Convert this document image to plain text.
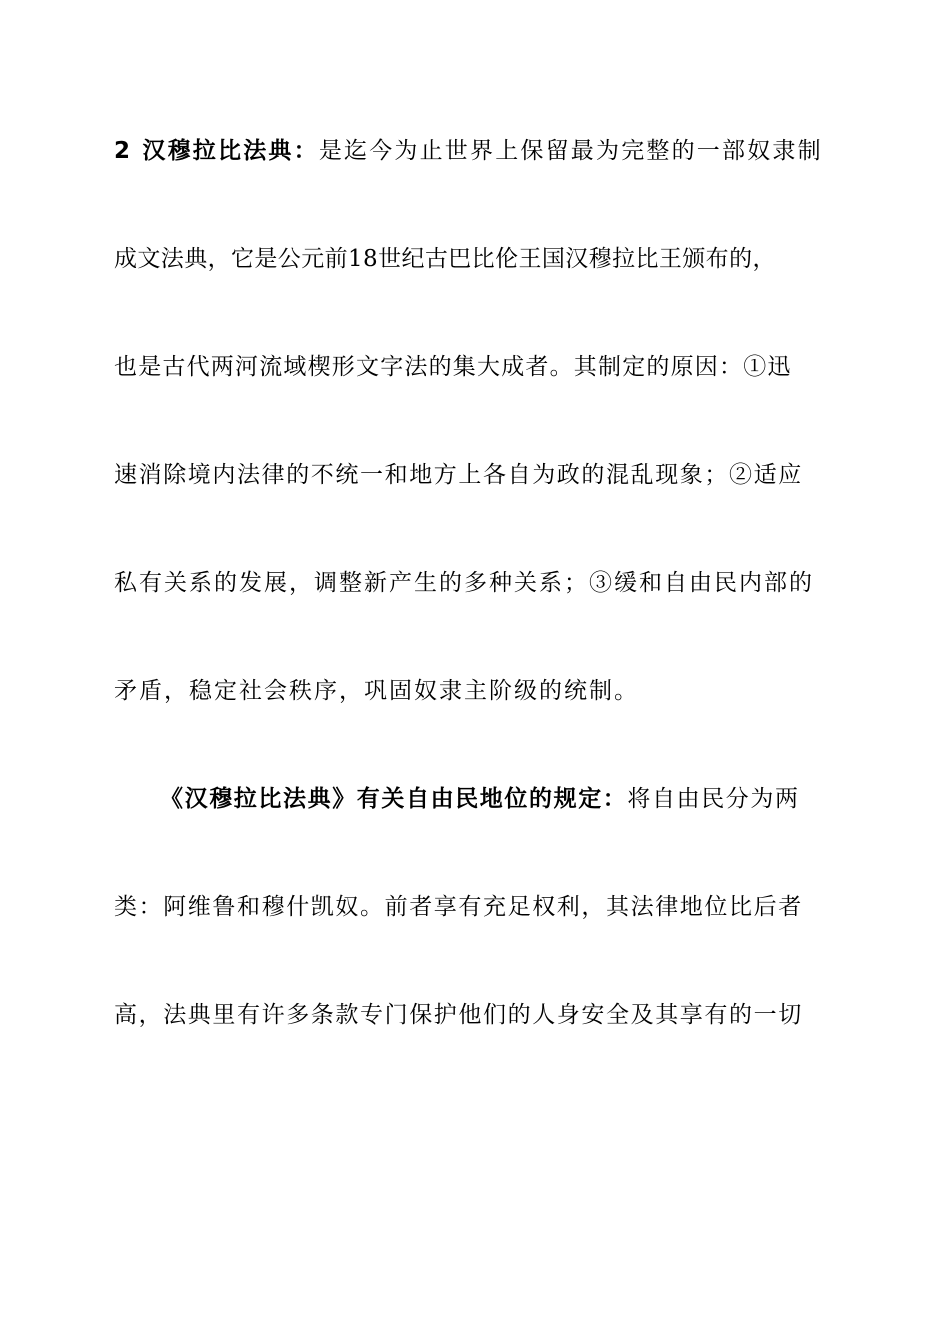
2 汉穆拉比法典：是迄今为止世界上保留最为完整的一部奴隶制
成文法典，它是公元前18世纪古巴比伦王国汉穆拉比王颁布的，
也是古代两河流域楔形文字法的集大成者。其制定的原因：①迅
速消除境内法律的不统一和地方上各自为政的混乱现象；②适应
私有关系的发展，调整新产生的多种关系；③缓和自由民内部的
矛盾，稳定社会秩序，巩固奴隶主阶级的统制。
《汉穆拉比法典》有关自由民地位的规定：将自由民分为两
类：阿维鲁和穆什凯奴。前者享有充足权利，其法律地位比后者
高，法典里有许多条款专门保护他们的人身安全及其享有的一切
